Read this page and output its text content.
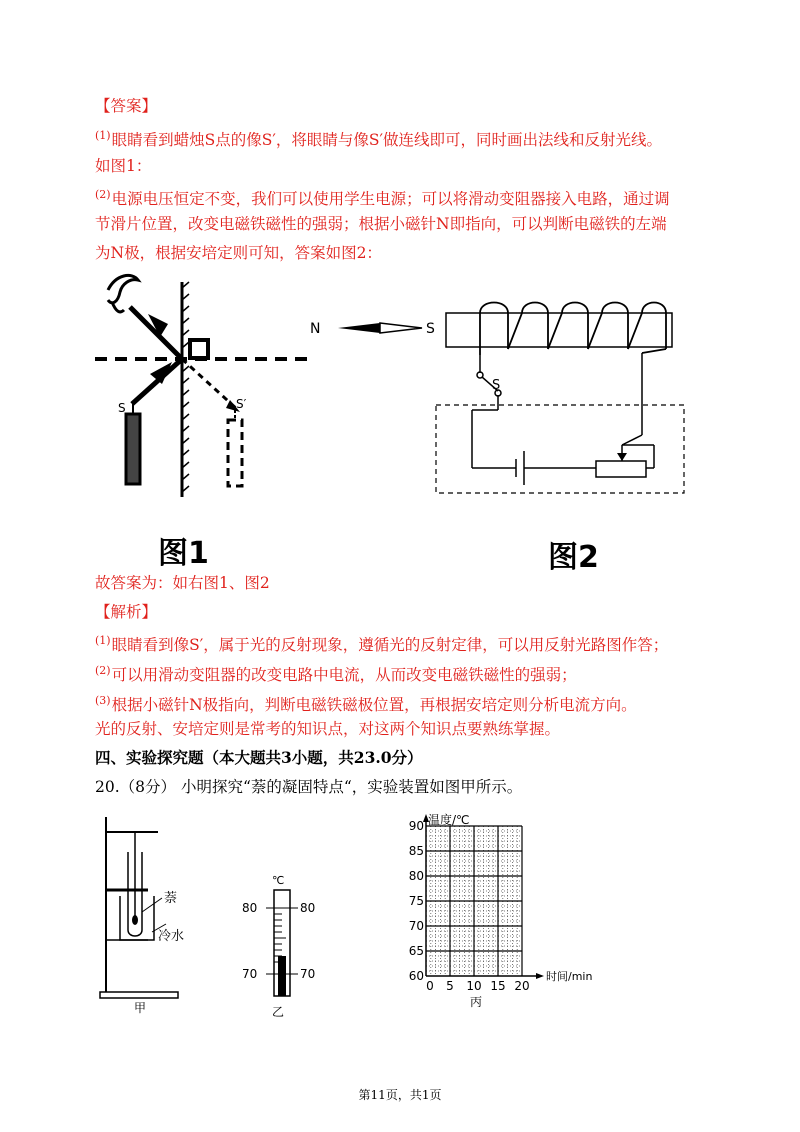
【答案】
$^{(1)}$眼睛看到蜡烛S点的像S′，将眼睛与像S′做连线即可，同时画出法线和反射光线。
如图1：
$^{(2)}$电源电压恒定不变，我们可以使用学生电源；可以将滑动变阻器接入电路，通过调
节滑片位置，改变电磁铁磁性的强弱；根据小磁针N即指向，可以判断电磁铁的左端
为N极，根据安培定则可知，答案如图2：
S	S′
图1
N	S
S
图2
故答案为：如右图1、图2
【解析】
$^{(1)}$眼睛看到像S′，属于光的反射现象，遵循光的反射定律，可以用反射光路图作答；
$^{(2)}$可以用滑动变阻器的改变电路中电流，从而改变电磁铁磁性的强弱；
$^{(3)}$根据小磁针N极指向，判断电磁铁磁极位置，再根据安培定则分析电流方向。
光的反射、安培定则是常考的知识点，对这两个知识点要熟练掌握。
四、实验探究题（本大题共3小题，共23.0分）
20.（8分） 小明探究“萘的凝固特点“，实验装置如图甲所示。
萘
冷水
甲
℃
80	80
70	70
乙
温度/℃
时间/min
60
65
70
75
80
85
90
0 5 10 15 20
丙
第11页，共1页
